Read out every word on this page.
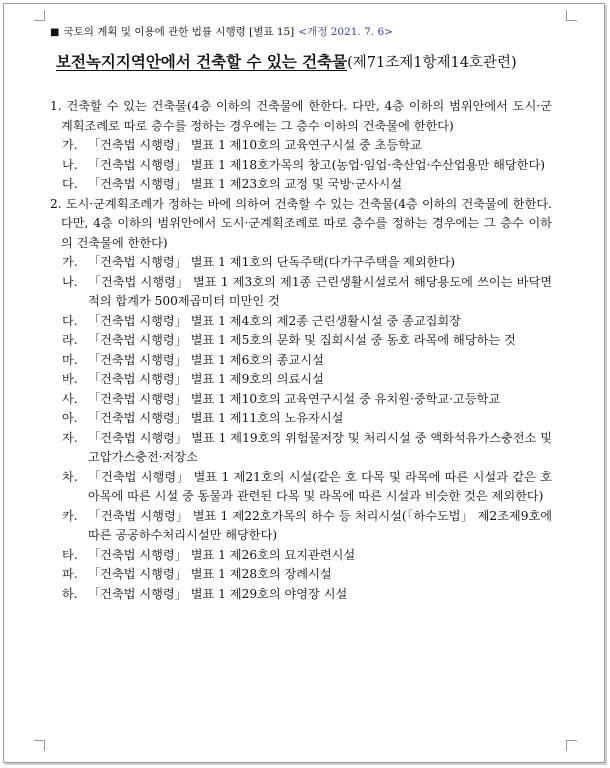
■ 국토의 계획 및 이용에 관한 법률 시행령 [별표 15] <개정 2021. 7. 6>
보전녹지지역안에서 건축할 수 있는 건축물(제71조제1항제14호관련)

1. 건축할 수 있는 건축물(4층 이하의 건축물에 한한다. 다만, 4층 이하의 범위안에서 도시·군계획조례로 따로 층수를 정하는 경우에는 그 층수 이하의 건축물에 한한다)

가. 「건축법 시행령」 별표 1 제10호의 교육연구시설 중 초등학교

나. 「건축법 시행령」 별표 1 제18호가목의 창고(농업·임업·축산업·수산업용만 해당한다)

다. 「건축법 시행령」 별표 1 제23호의 교정 및 국방·군사시설

2. 도시·군계획조례가 정하는 바에 의하여 건축할 수 있는 건축물(4층 이하의 건축물에 한한다. 다만, 4층 이하의 범위안에서 도시·군계획조례로 따로 층수를 정하는 경우에는 그 층수 이하의 건축물에 한한다)

가. 「건축법 시행령」 별표 1 제1호의 단독주택(다가구주택을 제외한다)

나. 「건축법 시행령」 별표 1 제3호의 제1종 근린생활시설로서 해당용도에 쓰이는 바닥면적의 합계가 500제곱미터 미만인 것

다. 「건축법 시행령」 별표 1 제4호의 제2종 근린생활시설 중 종교집회장

라. 「건축법 시행령」 별표 1 제5호의 문화 및 집회시설 중 동호 라목에 해당하는 것

마. 「건축법 시행령」 별표 1 제6호의 종교시설

바. 「건축법 시행령」 별표 1 제9호의 의료시설

사. 「건축법 시행령」 별표 1 제10호의 교육연구시설 중 유치원·중학교·고등학교

아. 「건축법 시행령」 별표 1 제11호의 노유자시설

자. 「건축법 시행령」 별표 1 제19호의 위험물저장 및 처리시설 중 액화석유가스충전소 및 고압가스충전·저장소

차. 「건축법 시행령」 별표 1 제21호의 시설(같은 호 다목 및 라목에 따른 시설과 같은 호 아목에 따른 시설 중 동물과 관련된 다목 및 라목에 따른 시설과 비슷한 것은 제외한다)

카. 「건축법 시행령」 별표 1 제22호가목의 하수 등 처리시설(「하수도법」 제2조제9호에 따른 공공하수처리시설만 해당한다)

타. 「건축법 시행령」 별표 1 제26호의 묘지관련시설

파. 「건축법 시행령」 별표 1 제28호의 장례시설

하. 「건축법 시행령」 별표 1 제29호의 야영장 시설
